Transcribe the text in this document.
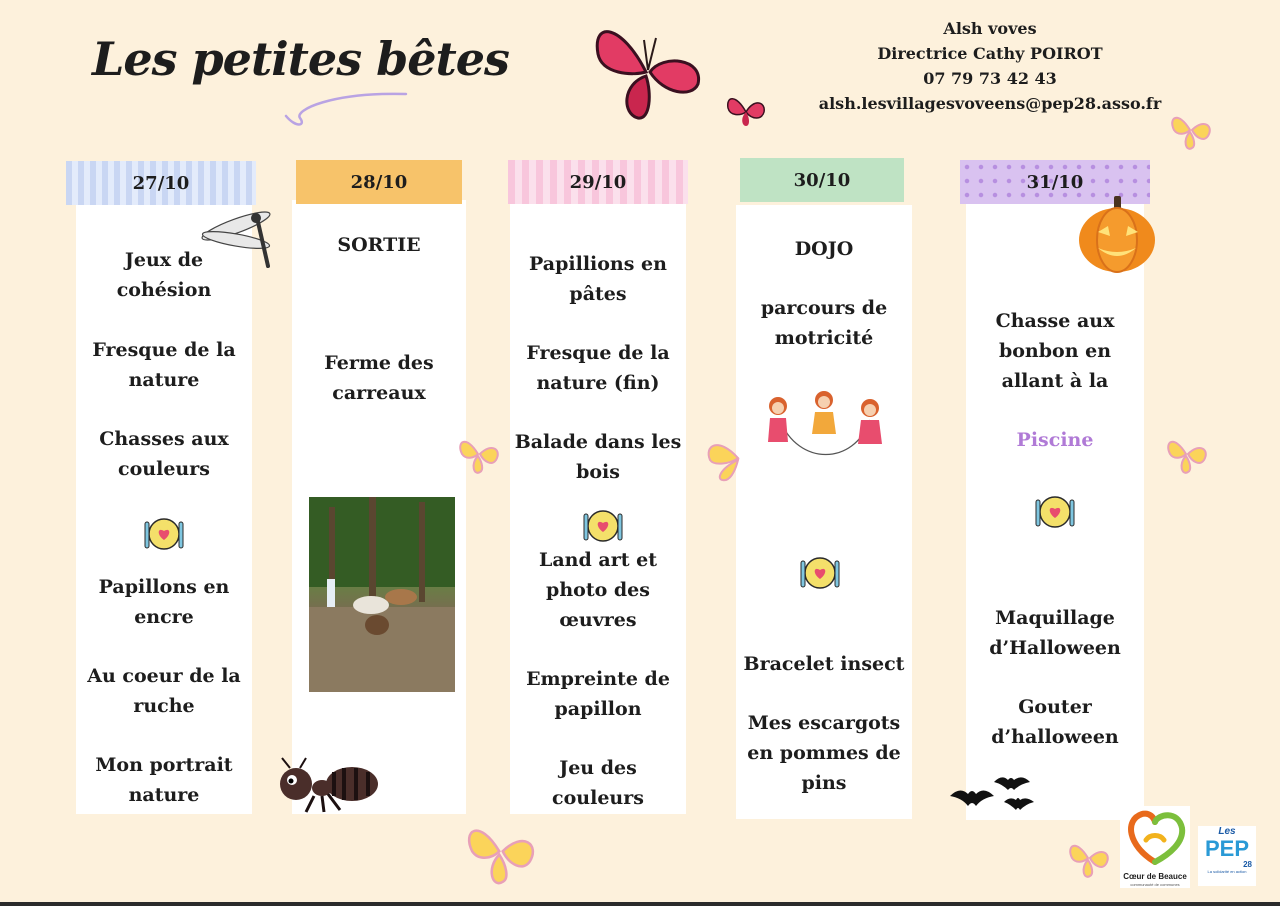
Les petites bêtes
Alsh voves
Directrice Cathy POIROT
07 79 73 42 43
alsh.lesvillagesvoveens@pep28.asso.fr
Jeux de cohésion
Fresque de la nature
Chasses aux couleurs
Papillons en encre
Au coeur de la ruche
Mon portrait nature
27/10
SORTIE
Ferme des carreaux
28/10
Papillions en pâtes
Fresque de la nature (fin)
Balade dans les bois
Land art et photo des œuvres
Empreinte de papillon
Jeu des couleurs
29/10
DOJO
parcours de motricité
Bracelet insect
Mes escargots en pommes de pins
30/10
Chasse aux bonbon en allant à la
Piscine
Maquillage d’Halloween
Gouter d’halloween
31/10
Cœur de Beauce
communauté de communes
Les
PEP
28
La solidarité en action
